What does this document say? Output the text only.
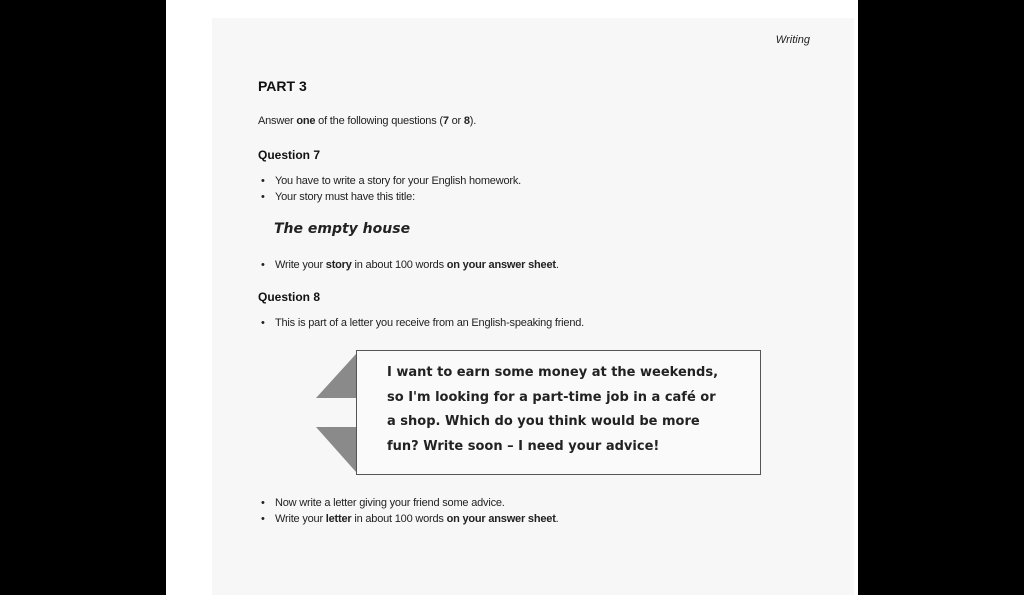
Writing
PART 3
Answer one of the following questions (7 or 8).
Question 7
• You have to write a story for your English homework.
• Your story must have this title:
The empty house
• Write your story in about 100 words on your answer sheet.
Question 8
• This is part of a letter you receive from an English-speaking friend.
I want to earn some money at the weekends,
so I'm looking for a part-time job in a café or
a shop. Which do you think would be more
fun? Write soon – I need your advice!
• Now write a letter giving your friend some advice.
• Write your letter in about 100 words on your answer sheet.
